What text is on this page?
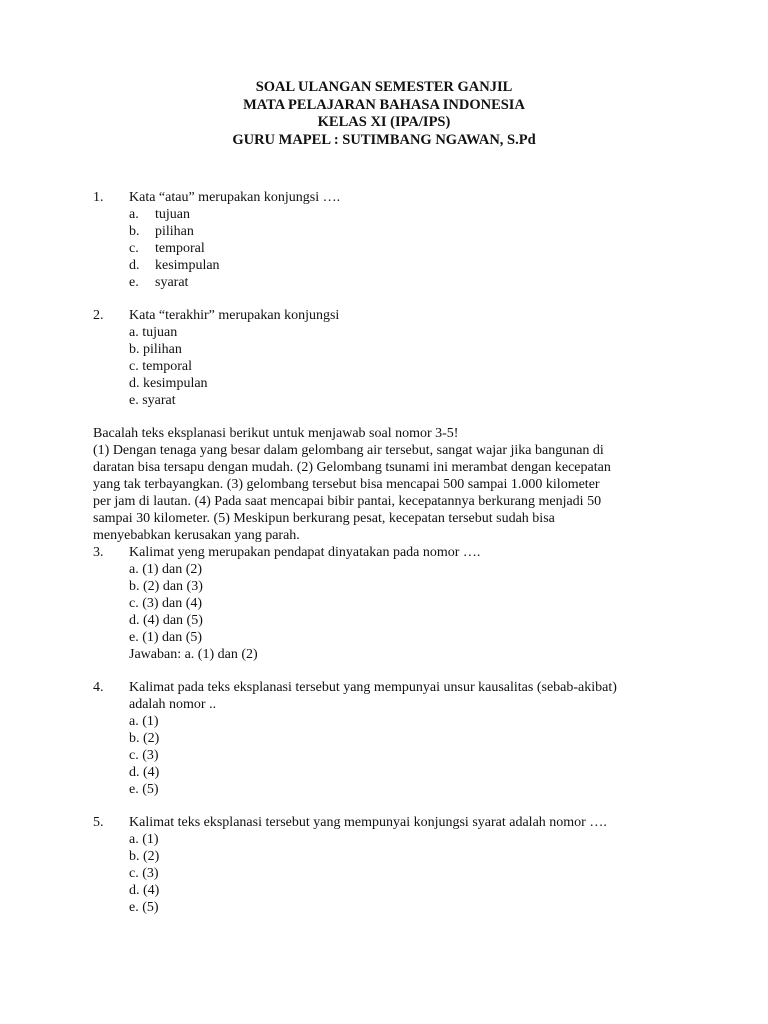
SOAL ULANGAN SEMESTER GANJIL
MATA PELAJARAN BAHASA INDONESIA
KELAS XI (IPA/IPS)
GURU MAPEL : SUTIMBANG NGAWAN, S.Pd
1. Kata “atau” merupakan konjungsi ….
a. tujuan
b. pilihan
c. temporal
d. kesimpulan
e. syarat
2. Kata “terakhir” merupakan konjungsi
a. tujuan
b. pilihan
c. temporal
d. kesimpulan
e. syarat
Bacalah teks eksplanasi berikut untuk menjawab soal nomor 3-5!
(1) Dengan tenaga yang besar dalam gelombang air tersebut, sangat wajar jika bangunan di
daratan bisa tersapu dengan mudah. (2) Gelombang tsunami ini merambat dengan kecepatan
yang tak terbayangkan. (3) gelombang tersebut bisa mencapai 500 sampai 1.000 kilometer
per jam di lautan. (4) Pada saat mencapai bibir pantai, kecepatannya berkurang menjadi 50
sampai 30 kilometer. (5) Meskipun berkurang pesat, kecepatan tersebut sudah bisa
menyebabkan kerusakan yang parah.
3. Kalimat yeng merupakan pendapat dinyatakan pada nomor ….
a. (1) dan (2)
b. (2) dan (3)
c. (3) dan (4)
d. (4) dan (5)
e. (1) dan (5)
Jawaban: a. (1) dan (2)
4. Kalimat pada teks eksplanasi tersebut yang mempunyai unsur kausalitas (sebab-akibat)
adalah nomor ..
a. (1)
b. (2)
c. (3)
d. (4)
e. (5)
5. Kalimat teks eksplanasi tersebut yang mempunyai konjungsi syarat adalah nomor ….
a. (1)
b. (2)
c. (3)
d. (4)
e. (5)
